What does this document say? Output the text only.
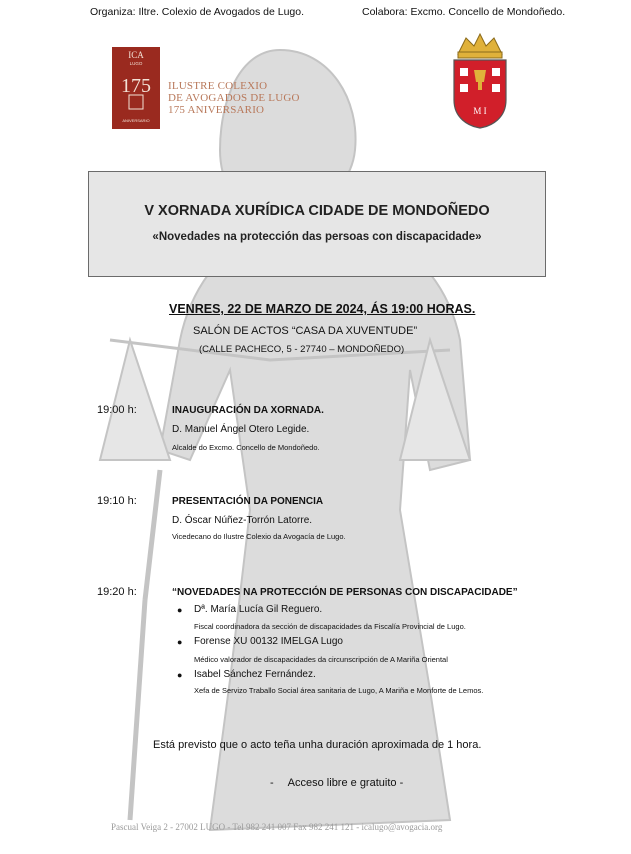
Organiza: Iltre. Colexio de Avogados de Lugo.	Colabora: Excmo. Concello de Mondoñedo.
ICA
LUGO
175
ANIVERSARIO
ILUSTRE COLEXIO
DE AVOGADOS DE LUGO
175 ANIVERSARIO	M I
V XORNADA XURÍDICA CIDADE DE MONDOÑEDO
«Novedades na protección das persoas con discapacidade»
VENRES, 22 DE MARZO DE 2024, ÁS 19:00 HORAS.
SALÓN DE ACTOS “CASA DA XUVENTUDE”
(CALLE PACHECO, 5 - 27740 – MONDOÑEDO)
19:00 h:	INAUGURACIÓN DA XORNADA.
D. Manuel Ángel Otero Legide.
Alcalde do Excmo. Concello de Mondoñedo.
19:10 h:	PRESENTACIÓN DA PONENCIA
D. Óscar Núñez-Torrón Latorre.
Vicedecano do Ilustre Colexio da Avogacía de Lugo.
19:20 h:	“NOVEDADES NA PROTECCIÓN DE PERSONAS CON DISCAPACIDADE”
● Dª. María Lucía Gil Reguero.
Fiscal coordinadora da sección de discapacidades da Fiscalía Provincial de Lugo.
● Forense XU 00132 IMELGA Lugo
Médico valorador de discapacidades da circunscripción de A Mariña Oriental
● Isabel Sánchez Fernández.
Xefa de Servizo Traballo Social área sanitaria de Lugo, A Mariña e Monforte de Lemos.
Está previsto que o acto teña unha duración aproximada de 1 hora.
- Acceso libre e gratuito -
Pascual Veiga 2 - 27002 LUGO - Tel 982 241 007 Fax 982 241 121 - icalugo@avogacia.org
